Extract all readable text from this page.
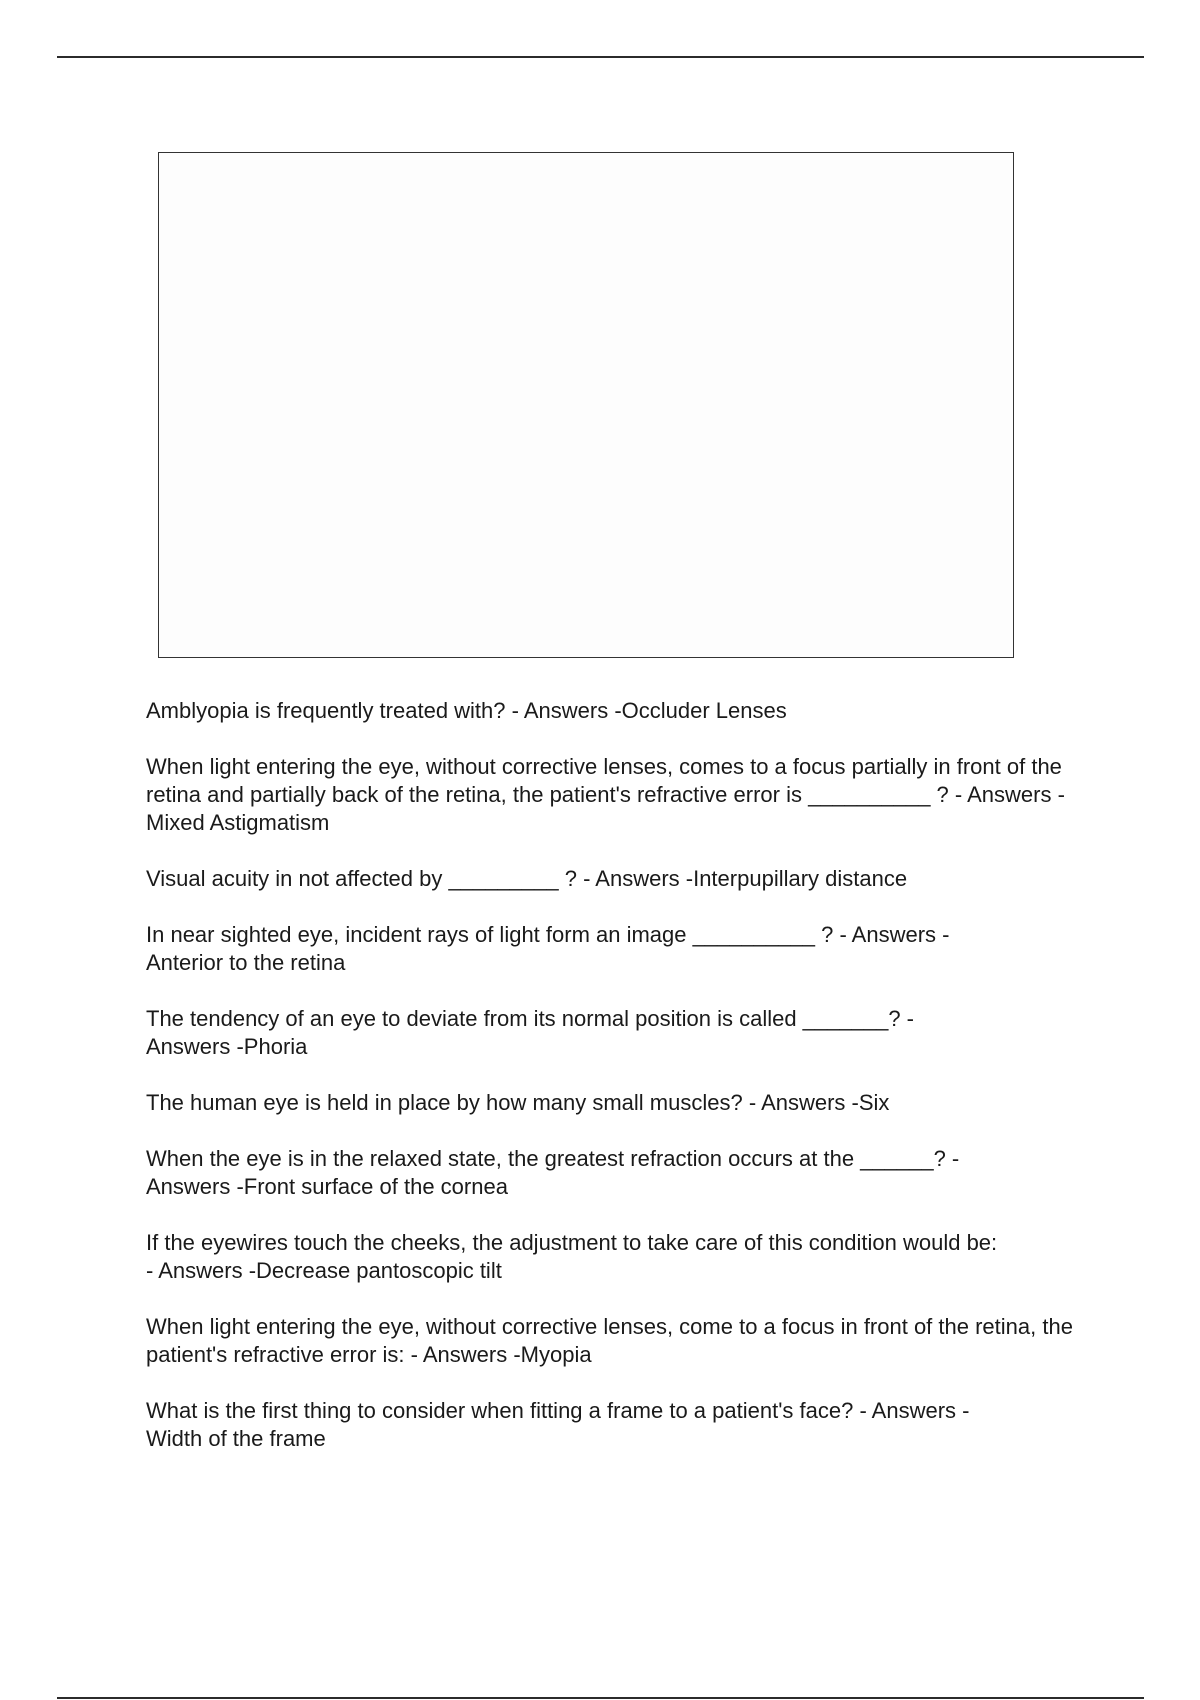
Amblyopia is frequently treated with? - Answers -Occluder Lenses
When light entering the eye, without corrective lenses, comes to a focus partially in front of the retina and partially back of the retina, the patient's refractive error is __________ ? - Answers -Mixed Astigmatism
Visual acuity in not affected by _________ ? - Answers -Interpupillary distance
In near sighted eye, incident rays of light form an image __________ ? - Answers -
Anterior to the retina
The tendency of an eye to deviate from its normal position is called _______? -
Answers -Phoria
The human eye is held in place by how many small muscles? - Answers -Six
When the eye is in the relaxed state, the greatest refraction occurs at the ______? -
Answers -Front surface of the cornea
If the eyewires touch the cheeks, the adjustment to take care of this condition would be:
- Answers -Decrease pantoscopic tilt
When light entering the eye, without corrective lenses, come to a focus in front of the retina, the patient's refractive error is: - Answers -Myopia
What is the first thing to consider when fitting a frame to a patient's face? - Answers -
Width of the frame
